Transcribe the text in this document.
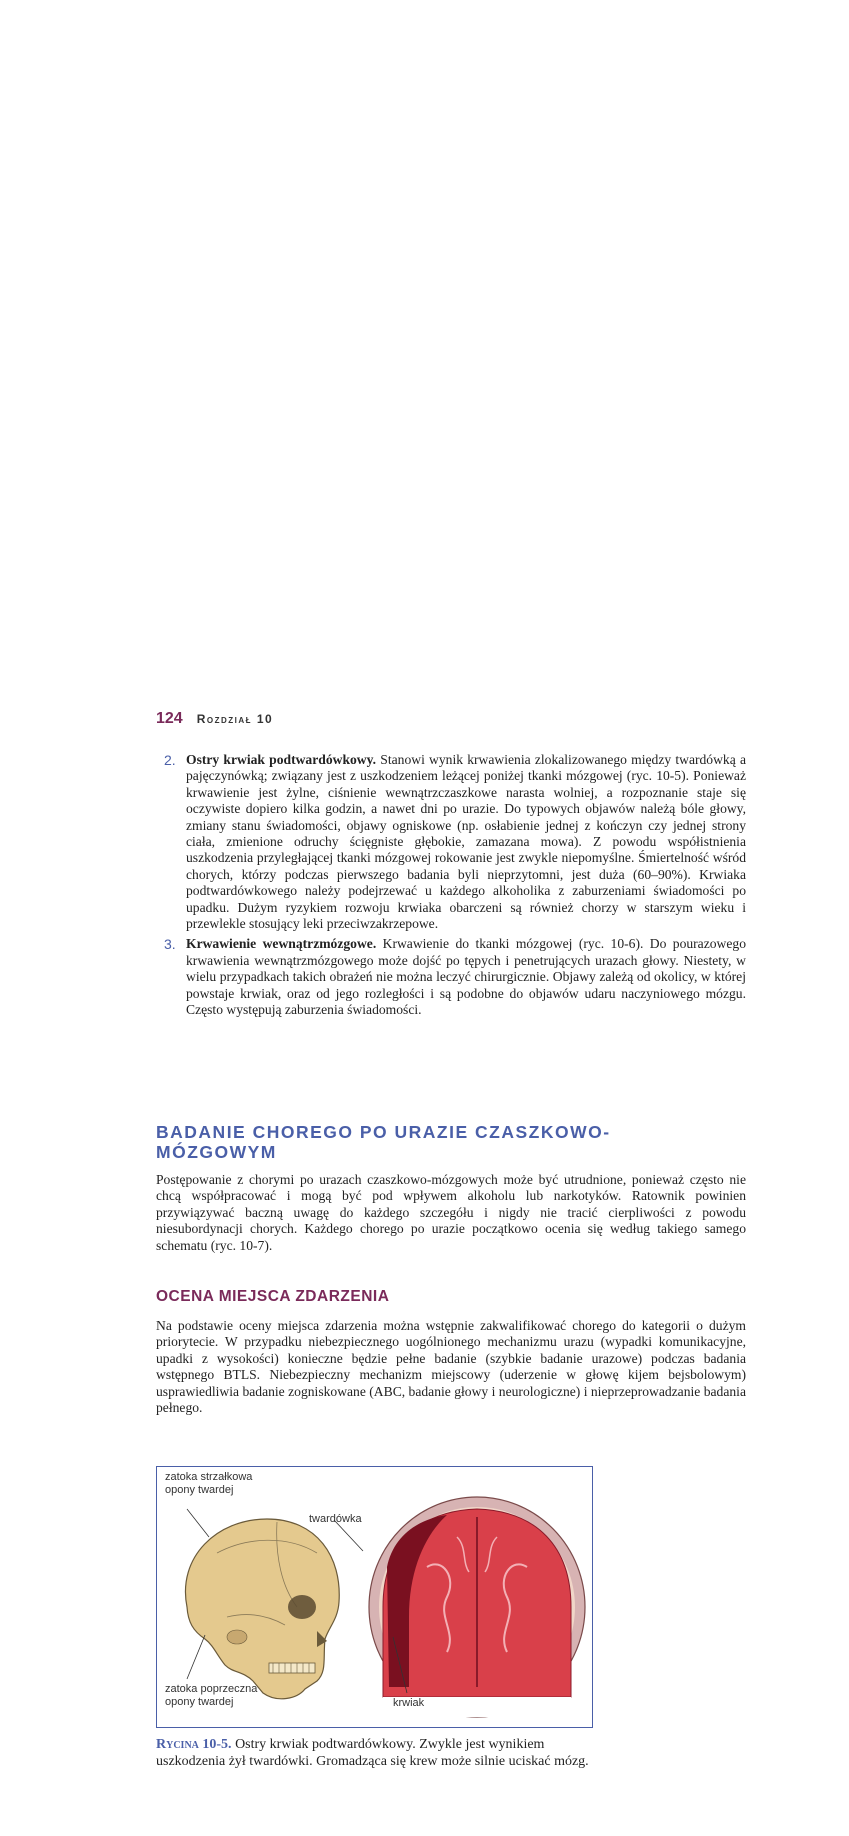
124 Rozdział 10
2. Ostry krwiak podtwardówkowy. Stanowi wynik krwawienia zlokalizowanego między twardówką a pajęczynówką; związany jest z uszkodzeniem leżącej poniżej tkanki mózgowej (ryc. 10-5). Ponieważ krwawienie jest żylne, ciśnienie wewnątrzczaszkowe narasta wolniej, a rozpoznanie staje się oczywiste dopiero kilka godzin, a nawet dni po urazie. Do typowych objawów należą bóle głowy, zmiany stanu świadomości, objawy ogniskowe (np. osłabienie jednej z kończyn czy jednej strony ciała, zmienione odruchy ścięgniste głębokie, zamazana mowa). Z powodu współistnienia uszkodzenia przyległającej tkanki mózgowej rokowanie jest zwykle niepomyślne. Śmiertelność wśród chorych, którzy podczas pierwszego badania byli nieprzytomni, jest duża (60–90%). Krwiaka podtwardówkowego należy podejrzewać u każdego alkoholika z zaburzeniami świadomości po upadku. Dużym ryzykiem rozwoju krwiaka obarczeni są również chorzy w starszym wieku i przewlekle stosujący leki przeciwzakrzepowe.
3. Krwawienie wewnątrzmózgowe. Krwawienie do tkanki mózgowej (ryc. 10-6). Do pourazowego krwawienia wewnątrzmózgowego może dojść po tępych i penetrujących urazach głowy. Niestety, w wielu przypadkach takich obrażeń nie można leczyć chirurgicznie. Objawy zależą od okolicy, w której powstaje krwiak, oraz od jego rozległości i są podobne do objawów udaru naczyniowego mózgu. Często występują zaburzenia świadomości.
BADANIE CHOREGO PO URAZIE CZASZKOWO-MÓZGOWYM
Postępowanie z chorymi po urazach czaszkowo-mózgowych może być utrudnione, ponieważ często nie chcą współpracować i mogą być pod wpływem alkoholu lub narkotyków. Ratownik powinien przywiązywać baczną uwagę do każdego szczegółu i nigdy nie tracić cierpliwości z powodu niesubordynacji chorych. Każdego chorego po urazie początkowo ocenia się według takiego samego schematu (ryc. 10-7).
OCENA MIEJSCA ZDARZENIA
Na podstawie oceny miejsca zdarzenia można wstępnie zakwalifikować chorego do kategorii o dużym priorytecie. W przypadku niebezpiecznego uogólnionego mechanizmu urazu (wypadki komunikacyjne, upadki z wysokości) konieczne będzie pełne badanie (szybkie badanie urazowe) podczas badania wstępnego BTLS. Niebezpieczny mechanizm miejscowy (uderzenie w głowę kijem bejsbolowym) usprawiedliwia badanie zogniskowane (ABC, badanie głowy i neurologiczne) i nieprzeprowadzanie badania pełnego.
zatoka strzałkowa opony twardej
twardówka
zatoka poprzeczna opony twardej	krwiak
Rycina 10-5. Ostry krwiak podtwardówkowy. Zwykle jest wynikiem uszkodzenia żył twardówki. Gromadząca się krew może silnie uciskać mózg.
